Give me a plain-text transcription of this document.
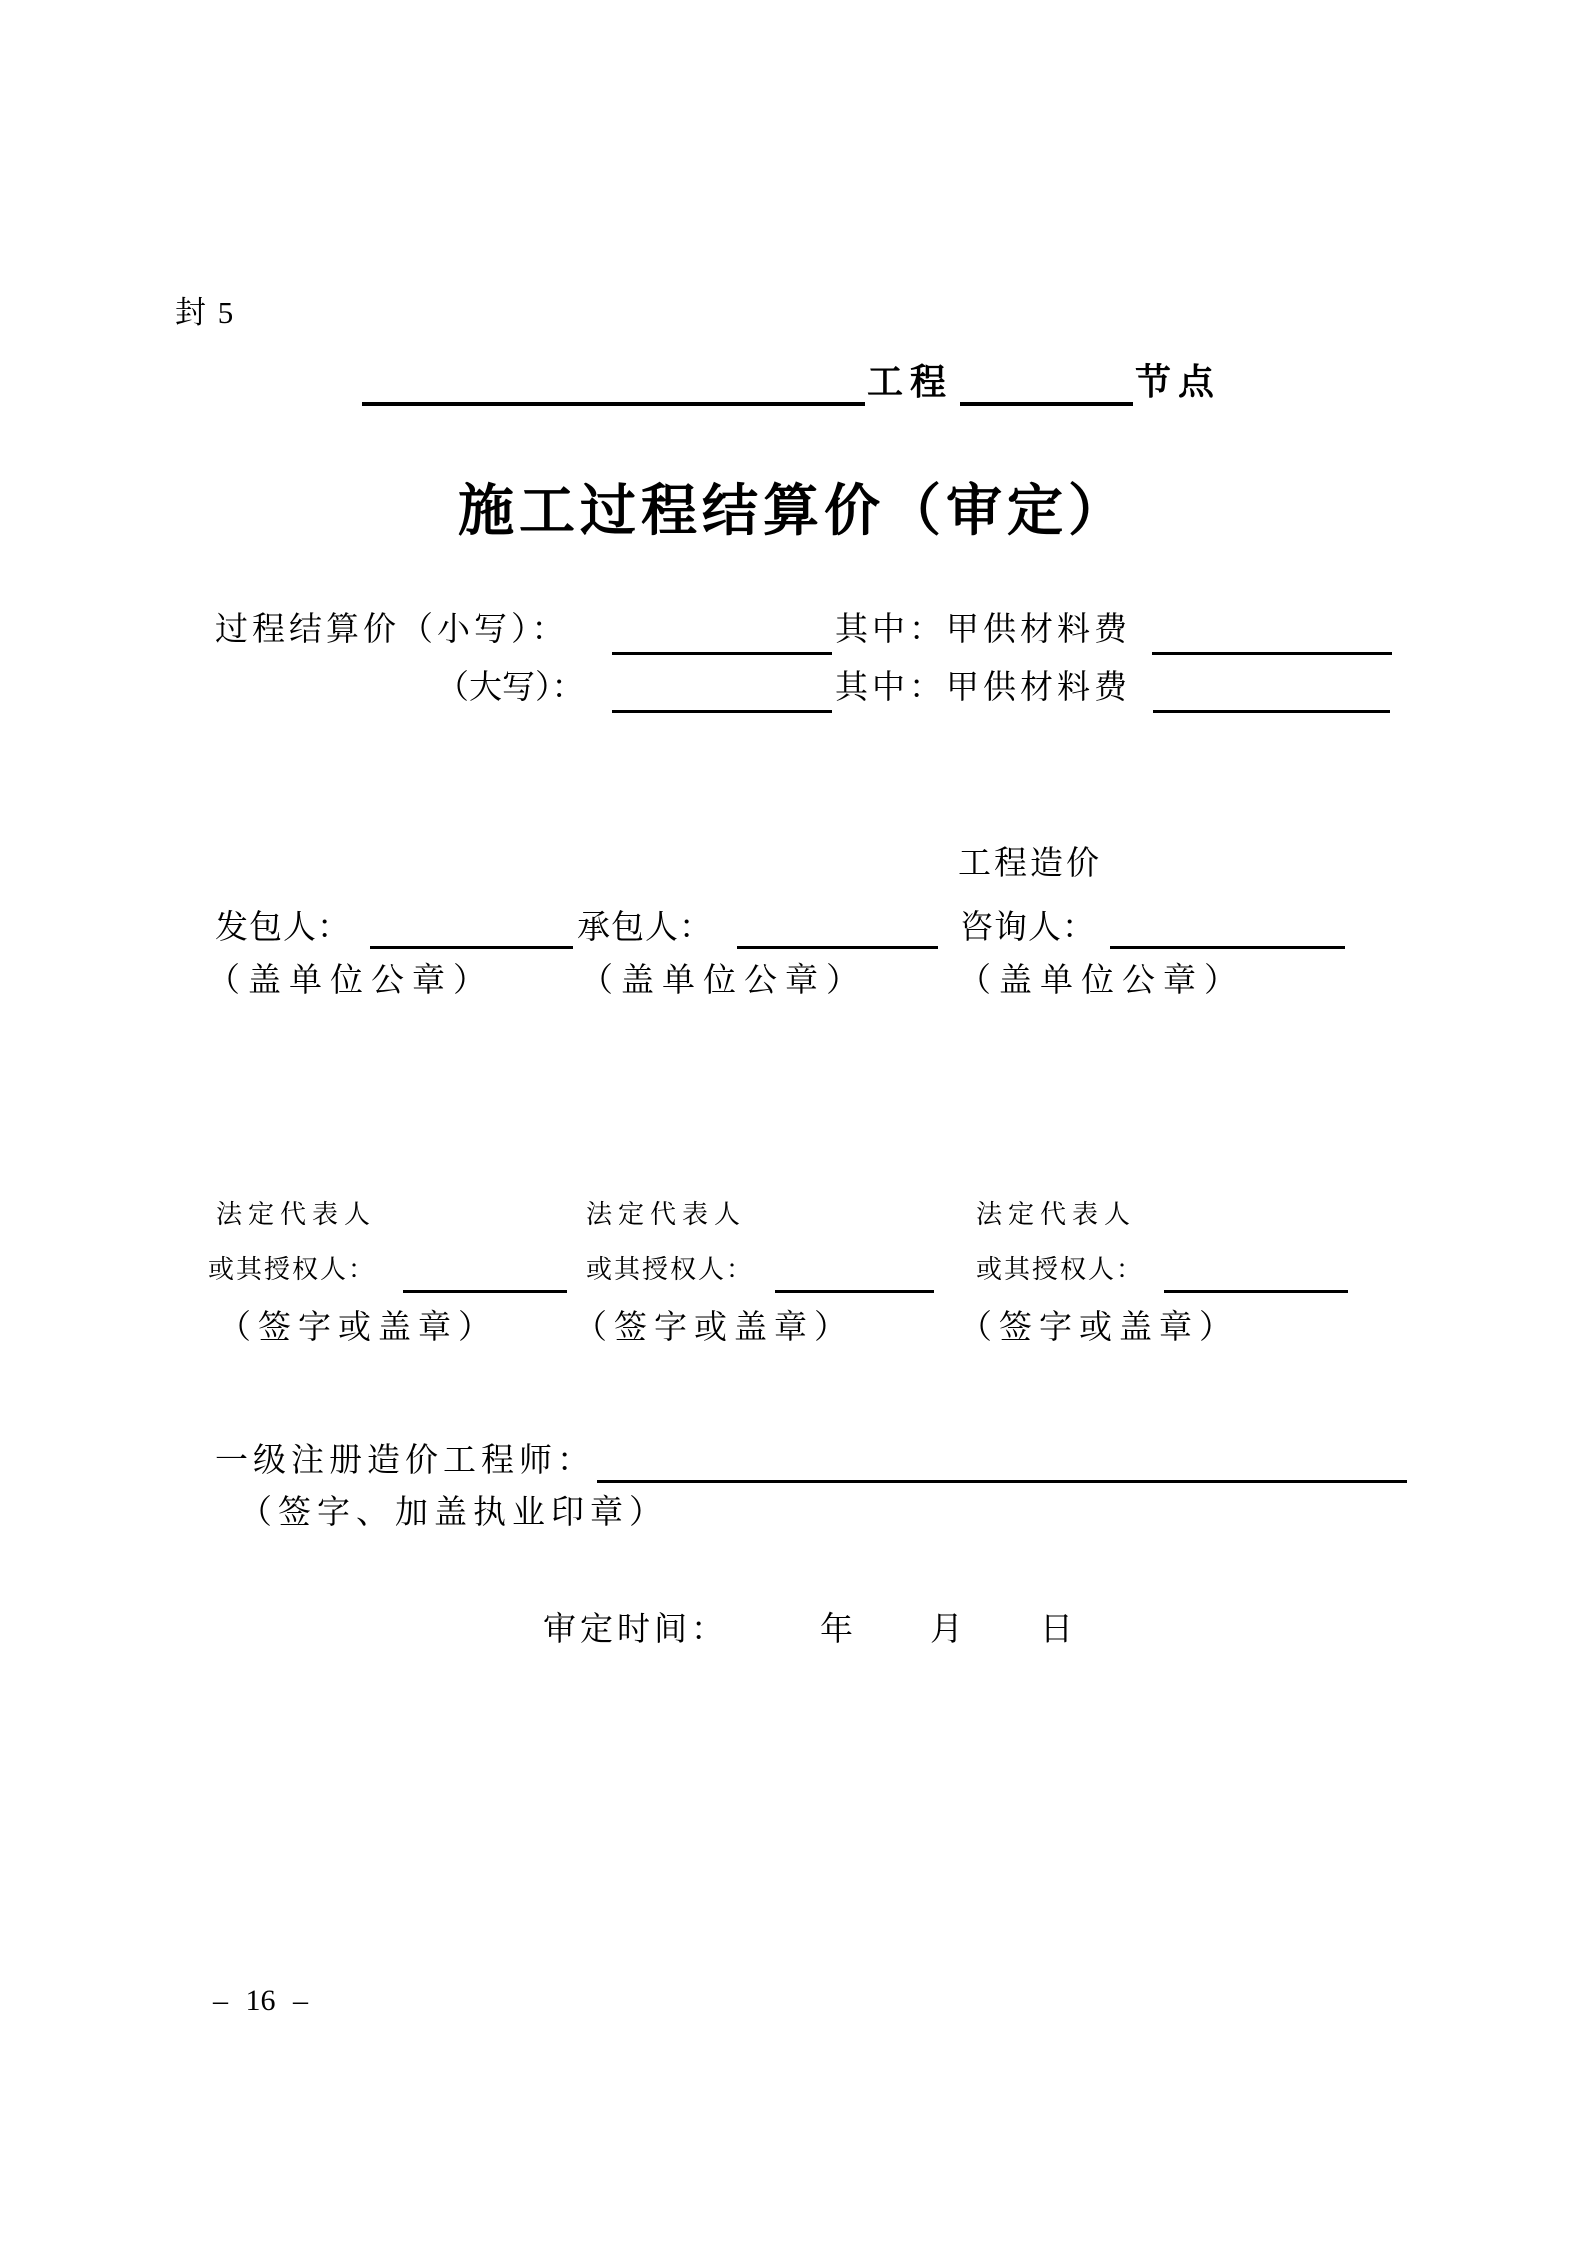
封 5
工程	节点
施工过程结算价（审定）
过程结算价（小写）：	其中：甲供材料费
（大写）：	其中：甲供材料费
工程造价
发包人：	承包人：	咨询人：
（盖单位公章）	（盖单位公章）	（盖单位公章）
法定代表人	法定代表人	法定代表人
或其授权人：	或其授权人：	或其授权人：
（签字或盖章） （签字或盖章）	（签字或盖章）
一级注册造价工程师：
（签字、加盖执业印章）
审定时间：	年 月 日
– 16 –
